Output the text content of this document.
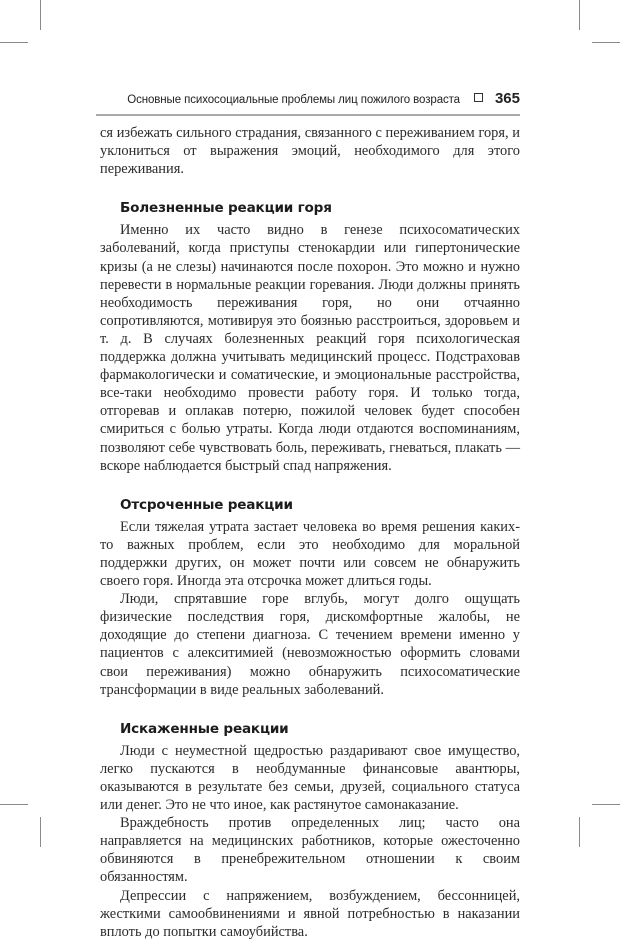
Основные психосоциальные проблемы лиц пожилого возраста 365

ся избежать сильного страдания, связанного с переживанием горя, и уклониться от выражения эмоций, необходимого для этого переживания.

Болезненные реакции горя

Именно их часто видно в генезе психосоматических заболеваний, когда приступы стенокардии или гипертонические кризы (а не слезы) начинаются после похорон. Это можно и нужно перевести в нормальные реакции горевания. Люди должны принять необходимость переживания горя, но они отчаянно сопротивляются, мотивируя это боязнью расстроиться, здоровьем и т. д. В случаях болезненных реакций горя психологическая поддержка должна учитывать медицинский процесс. Подстраховав фармакологически и соматические, и эмоциональные расстройства, все-таки необходимо провести работу горя. И только тогда, отгоревав и оплакав потерю, пожилой человек будет способен смириться с болью утраты. Когда люди отдаются воспоминаниям, позволяют себе чувствовать боль, переживать, гневаться, плакать — вскоре наблюдается быстрый спад напряжения.

Отсроченные реакции

Если тяжелая утрата застает человека во время решения каких-то важных проблем, если это необходимо для моральной поддержки других, он может почти или совсем не обнаружить своего горя. Иногда эта отсрочка может длиться годы.

Люди, спрятавшие горе вглубь, могут долго ощущать физические последствия горя, дискомфортные жалобы, не доходящие до степени диагноза. С течением времени именно у пациентов с алекситимией (невозможностью оформить словами свои переживания) можно обнаружить психосоматические трансформации в виде реальных заболеваний.

Искаженные реакции

Люди с неуместной щедростью раздаривают свое имущество, легко пускаются в необдуманные финансовые авантюры, оказываются в результате без семьи, друзей, социального статуса или денег. Это не что иное, как растянутое самонаказание.

Враждебность против определенных лиц; часто она направляется на медицинских работников, которые ожесточенно обвиняются в пренебрежительном отношении к своим обязанностям.

Депрессии с напряжением, возбуждением, бессонницей, жесткими самообвинениями и явной потребностью в наказании вплоть до попытки самоубийства.
